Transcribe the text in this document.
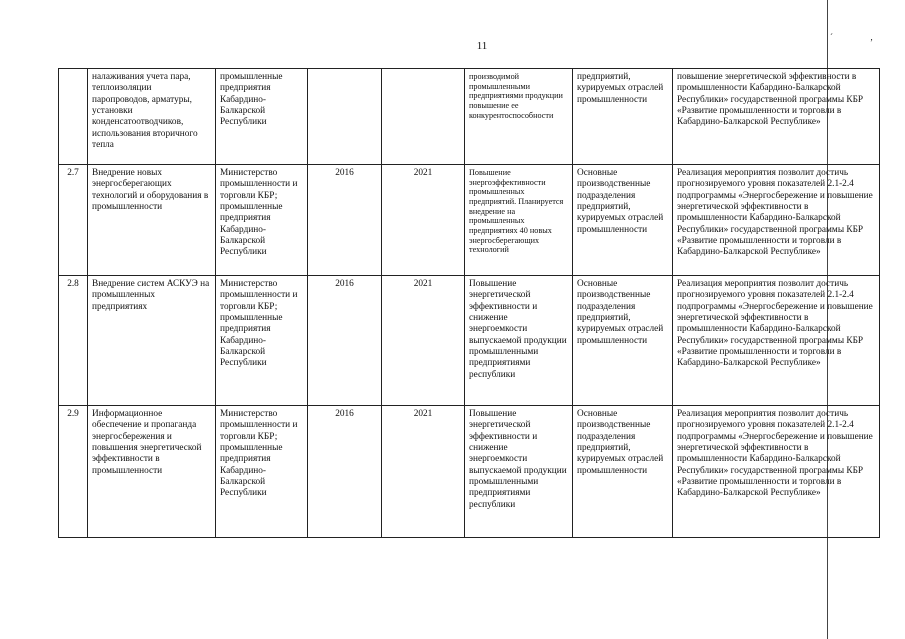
11
´	‚
	налаживания учета пара, теплоизоляции паропроводов, арматуры, установки конденсатоотводчиков, использования вторичного тепла	промышленные предприятия Кабардино-Балкарской Республики			производимой промышленными предприятиями продукции повышение ее конкурентоспособности	предприятий, курируемых отраслей промышленности	повышение энергетической эффективности в промышленности Кабардино-Балкарской Республики» государственной программы КБР «Развитие промышленности и торговли в Кабардино-Балкарской Республике»
2.7	Внедрение новых энергосберегающих технологий и оборудования в промышленности	Министерство промышленности и торговли КБР; промышленные предприятия Кабардино-Балкарской Республики	2016	2021	Повышение энергоэффективности промышленных предприятий. Планируется внедрение на промышленных предприятиях 40 новых энергосберегающих технологий	Основные производственные подразделения предприятий, курируемых отраслей промышленности	Реализация мероприятия позволит достичь прогнозируемого уровня показателей 2.1-2.4 подпрограммы «Энергосбережение и повышение энергетической эффективности в промышленности Кабардино-Балкарской Республики» государственной программы КБР «Развитие промышленности и торговли в Кабардино-Балкарской Республике»
2.8	Внедрение систем АСКУЭ на промышленных предприятиях	Министерство промышленности и торговли КБР; промышленные предприятия Кабардино-Балкарской Республики	2016	2021	Повышение энергетической эффективности и снижение энергоемкости выпускаемой продукции промышленными предприятиями республики	Основные производственные подразделения предприятий, курируемых отраслей промышленности	Реализация мероприятия позволит достичь прогнозируемого уровня показателей 2.1-2.4 подпрограммы «Энергосбережение и повышение энергетической эффективности в промышленности Кабардино-Балкарской Республики» государственной программы КБР «Развитие промышленности и торговли в Кабардино-Балкарской Республике»
2.9	Информационное обеспечение и пропаганда энергосбережения и повышения энергетической эффективности в промышленности	Министерство промышленности и торговли КБР; промышленные предприятия Кабардино-Балкарской Республики	2016	2021	Повышение энергетической эффективности и снижение энергоемкости выпускаемой продукции промышленными предприятиями республики	Основные производственные подразделения предприятий, курируемых отраслей промышленности	Реализация мероприятия позволит достичь прогнозируемого уровня показателей 2.1-2.4 подпрограммы «Энергосбережение и повышение энергетической эффективности в промышленности Кабардино-Балкарской Республики» государственной программы КБР «Развитие промышленности и торговли в Кабардино-Балкарской Республике»
